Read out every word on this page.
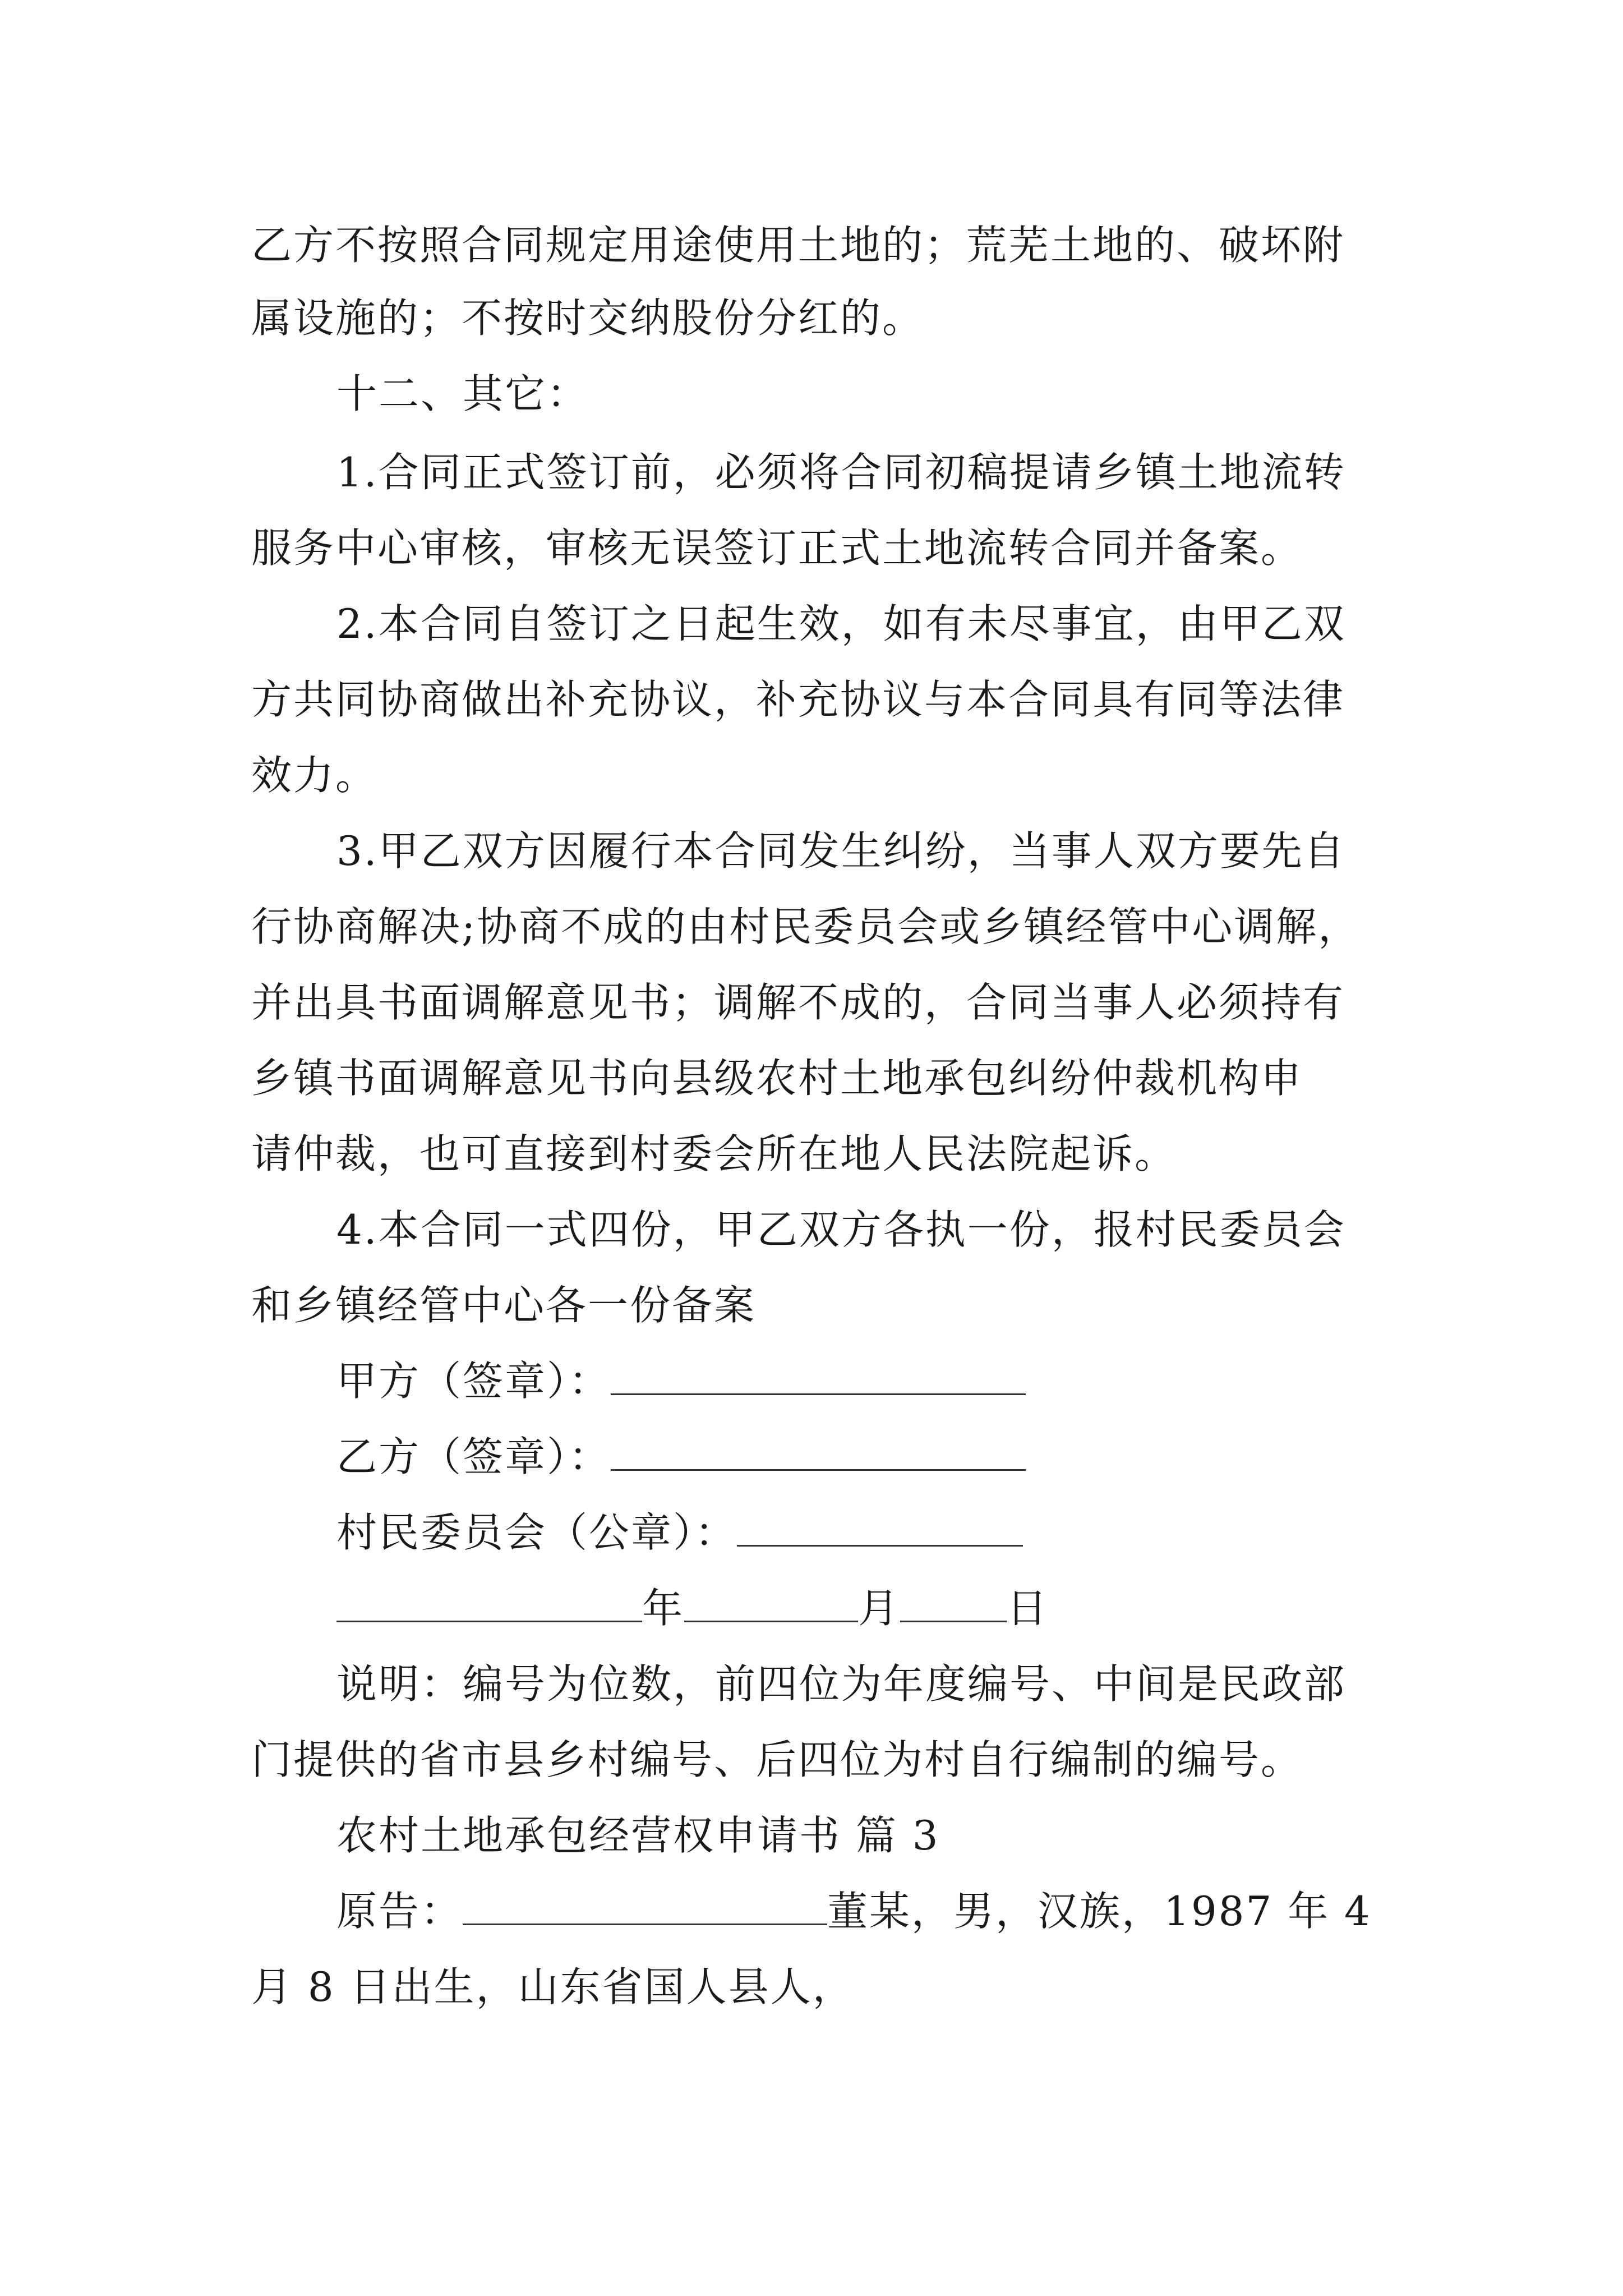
乙方不按照合同规定用途使用土地的；荒芜土地的、破坏附
属设施的；不按时交纳股份分红的。
十二、其它：
1.合同正式签订前，必须将合同初稿提请乡镇土地流转
服务中心审核，审核无误签订正式土地流转合同并备案。
2.本合同自签订之日起生效，如有未尽事宜，由甲乙双
方共同协商做出补充协议，补充协议与本合同具有同等法律
效力。
3.甲乙双方因履行本合同发生纠纷，当事人双方要先自
行协商解决;协商不成的由村民委员会或乡镇经管中心调解，
并出具书面调解意见书；调解不成的，合同当事人必须持有
乡镇书面调解意见书向县级农村土地承包纠纷仲裁机构申
请仲裁，也可直接到村委会所在地人民法院起诉。
4.本合同一式四份，甲乙双方各执一份，报村民委员会
和乡镇经管中心各一份备案
甲方（签章）：
乙方（签章）：
村民委员会（公章）：
年	月	日
说明：编号为位数，前四位为年度编号、中间是民政部
门提供的省市县乡村编号、后四位为村自行编制的编号。
农村土地承包经营权申请书 篇 3
原告：	董某，男，汉族，1987 年 4
月 8 日出生，山东省国人县人，
